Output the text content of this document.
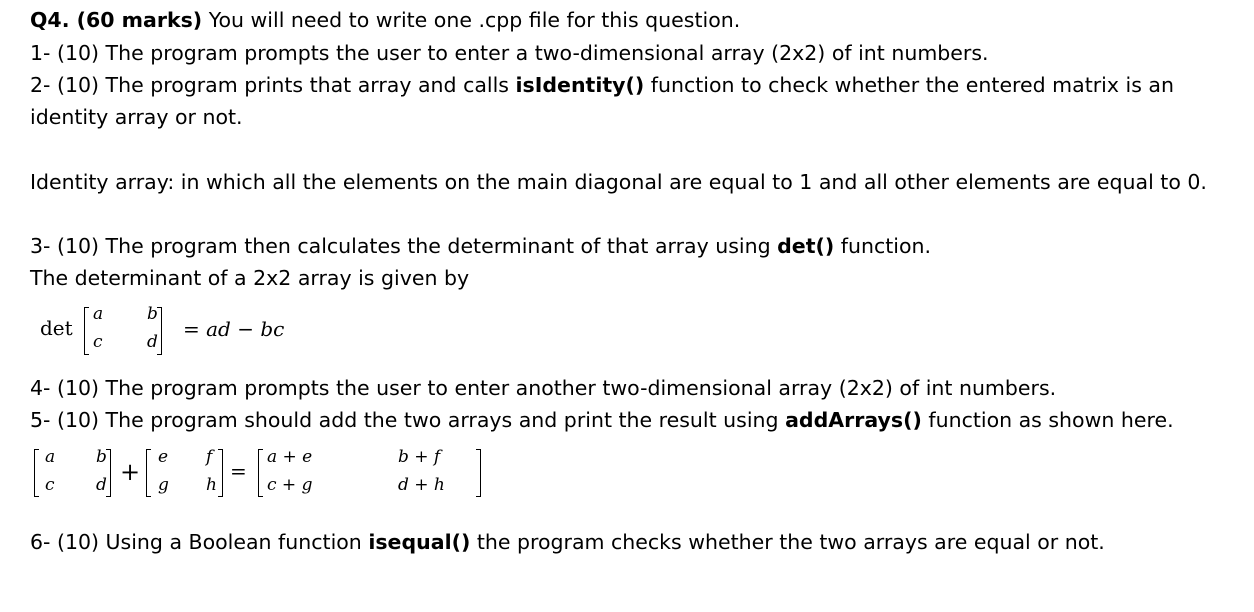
Q4. (60 marks) You will need to write one .cpp file for this question.
1- (10) The program prompts the user to enter a two-dimensional array (2x2) of int numbers.
2- (10) The program prints that array and calls isIdentity() function to check whether the entered matrix is an
identity array or not.
Identity array: in which all the elements on the main diagonal are equal to 1 and all other elements are equal to 0.
3- (10) The program then calculates the determinant of that array using det() function.
The determinant of a 2x2 array is given by
det
a	b
c	d
= ad − bc
4- (10) The program prompts the user to enter another two-dimensional array (2x2) of int numbers.
5- (10) The program should add the two arrays and print the result using addArrays() function as shown here.
a b
c d +
e f
g h
=
a + e	b + f
c + g	d + h
6- (10) Using a Boolean function isequal() the program checks whether the two arrays are equal or not.
